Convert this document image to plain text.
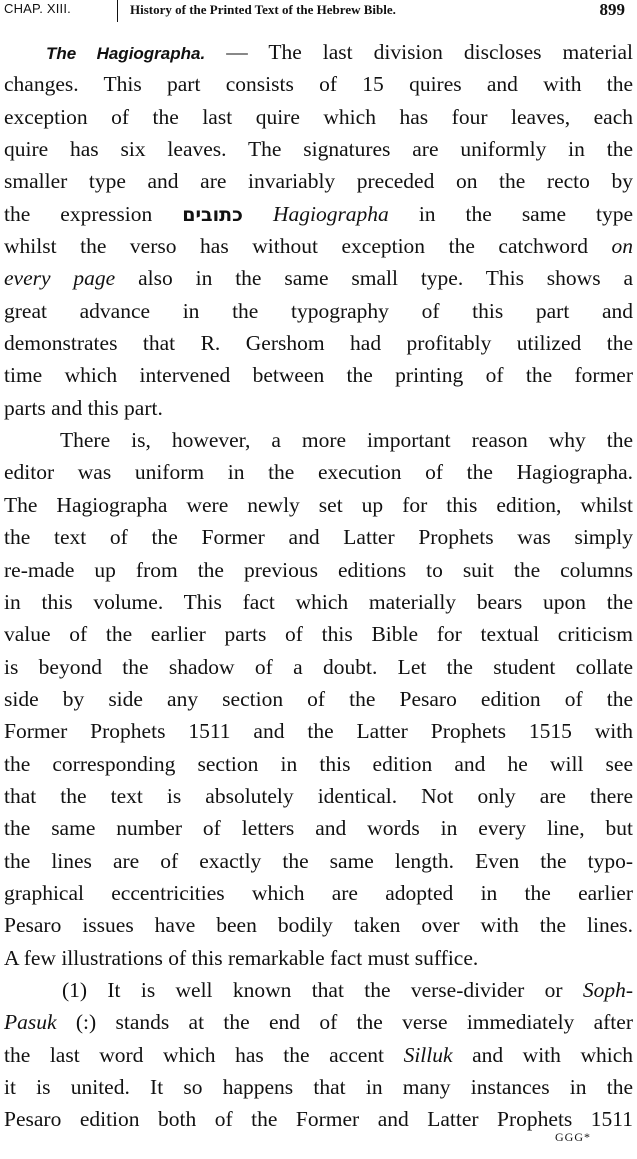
CHAP. XIII.	History of the Printed Text of the Hebrew Bible.	899
The Hagiographa. — The last division discloses material
changes. This part consists of 15 quires and with the
exception of the last quire which has four leaves, each
quire has six leaves. The signatures are uniformly in the
smaller type and are invariably preceded on the recto by
the expression כתובים Hagiographa in the same type
whilst the verso has without exception the catchword on
every page also in the same small type. This shows a
great advance in the typography of this part and
demonstrates that R. Gershom had profitably utilized the
time which intervened between the printing of the former
parts and this part.
There is, however, a more important reason why the
editor was uniform in the execution of the Hagiographa.
The Hagiographa were newly set up for this edition, whilst
the text of the Former and Latter Prophets was simply
re-made up from the previous editions to suit the columns
in this volume. This fact which materially bears upon the
value of the earlier parts of this Bible for textual criticism
is beyond the shadow of a doubt. Let the student collate
side by side any section of the Pesaro edition of the
Former Prophets 1511 and the Latter Prophets 1515 with
the corresponding section in this edition and he will see
that the text is absolutely identical. Not only are there
the same number of letters and words in every line, but
the lines are of exactly the same length. Even the typo-
graphical eccentricities which are adopted in the earlier
Pesaro issues have been bodily taken over with the lines.
A few illustrations of this remarkable fact must suffice.
(1) It is well known that the verse-divider or Soph-
Pasuk (:) stands at the end of the verse immediately after
the last word which has the accent Silluk and with which
it is united. It so happens that in many instances in the
Pesaro edition both of the Former and Latter Prophets 1511
GGG*
